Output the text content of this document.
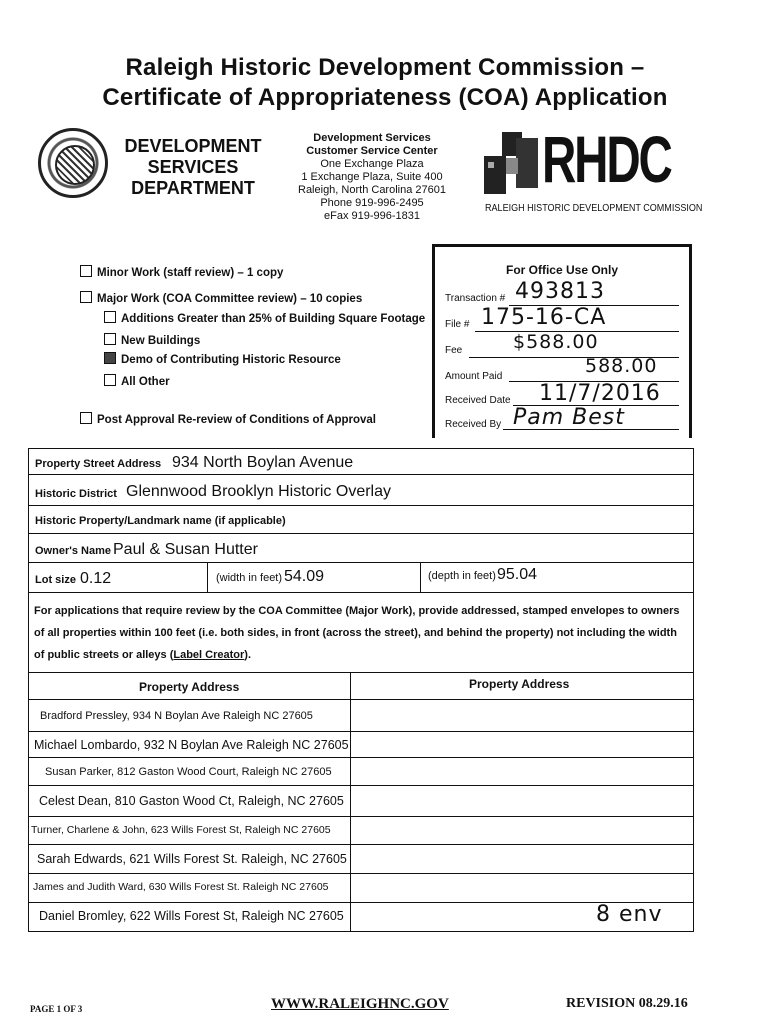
Raleigh Historic Development Commission –
Certificate of Appropriateness (COA) Application
DEVELOPMENT
SERVICES
DEPARTMENT
Development Services
Customer Service Center
One Exchange Plaza
1 Exchange Plaza, Suite 400
Raleigh, North Carolina 27601
Phone 919-996-2495
eFax 919-996-1831
RHDC
RALEIGH HISTORIC DEVELOPMENT COMMISSION
Minor Work (staff review) – 1 copy
Major Work (COA Committee review) – 10 copies
Additions Greater than 25% of Building Square Footage
New Buildings
Demo of Contributing Historic Resource
All Other
Post Approval Re-review of Conditions of Approval
For Office Use Only
Transaction # 493813
File # 175-16-CA
Fee	$588.00
Amount Paid	588.00
Received Date 11/7/2016
Received By Pam Best
Property Street Address 934 North Boylan Avenue
Historic District Glennwood Brooklyn Historic Overlay
Historic Property/Landmark name (if applicable)
Owner's Name Paul & Susan Hutter
Lot size 0.12	(width in feet) 54.09	(depth in feet) 95.04
For applications that require review by the COA Committee (Major Work), provide addressed, stamped envelopes to owners
of all properties within 100 feet (i.e. both sides, in front (across the street), and behind the property) not including the width
of public streets or alleys (Label Creator).
Property Address	Property Address
Bradford Pressley, 934 N Boylan Ave Raleigh NC 27605
Michael Lombardo, 932 N Boylan Ave Raleigh NC 27605
Susan Parker, 812 Gaston Wood Court, Raleigh NC 27605
Celest Dean, 810 Gaston Wood Ct, Raleigh, NC 27605
Turner, Charlene & John, 623 Wills Forest St, Raleigh NC 27605
Sarah Edwards, 621 Wills Forest St. Raleigh, NC 27605
James and Judith Ward, 630 Wills Forest St. Raleigh NC 27605
Daniel Bromley, 622 Wills Forest St, Raleigh NC 27605	8 env
PAGE 1 OF 3	WWW.RALEIGHNC.GOV	REVISION 08.29.16
